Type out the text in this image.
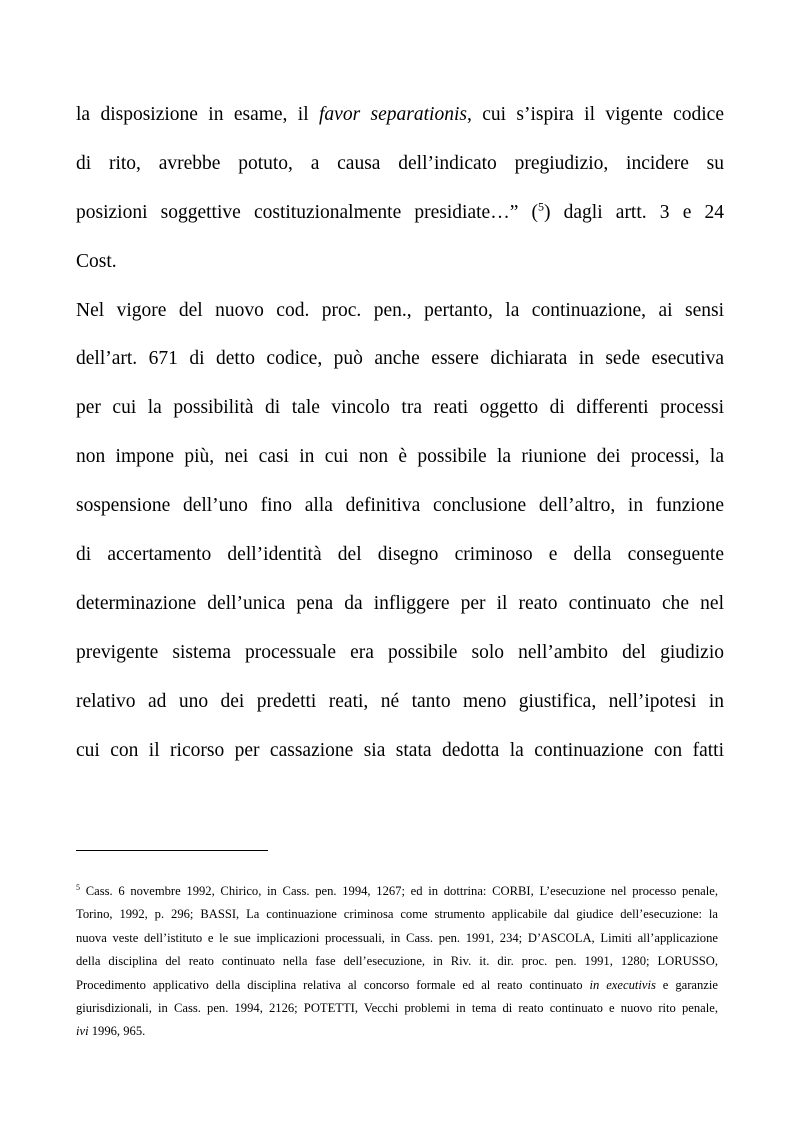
la disposizione in esame, il favor separationis, cui s’ispira il vigente codice
di rito, avrebbe potuto, a causa dell’indicato pregiudizio, incidere su
posizioni soggettive costituzionalmente presidiate…” ($^5$) dagli artt. 3 e 24
Cost.
Nel vigore del nuovo cod. proc. pen., pertanto, la continuazione, ai sensi
dell’art. 671 di detto codice, può anche essere dichiarata in sede esecutiva
per cui la possibilità di tale vincolo tra reati oggetto di differenti processi
non impone più, nei casi in cui non è possibile la riunione dei processi, la
sospensione dell’uno fino alla definitiva conclusione dell’altro, in funzione
di accertamento dell’identità del disegno criminoso e della conseguente
determinazione dell’unica pena da infliggere per il reato continuato che nel
previgente sistema processuale era possibile solo nell’ambito del giudizio
relativo ad uno dei predetti reati, né tanto meno giustifica, nell’ipotesi in
cui con il ricorso per cassazione sia stata dedotta la continuazione con fatti
$^5$ Cass. 6 novembre 1992, Chirico, in Cass. pen. 1994, 1267; ed in dottrina: CORBI, L’esecuzione nel processo penale,
Torino, 1992, p. 296; BASSI, La continuazione criminosa come strumento applicabile dal giudice dell’esecuzione: la
nuova veste dell’istituto e le sue implicazioni processuali, in Cass. pen. 1991, 234; D’ASCOLA, Limiti all’applicazione
della disciplina del reato continuato nella fase dell’esecuzione, in Riv. it. dir. proc. pen. 1991, 1280; LORUSSO,
Procedimento applicativo della disciplina relativa al concorso formale ed al reato continuato in executivis e garanzie
giurisdizionali, in Cass. pen. 1994, 2126; POTETTI, Vecchi problemi in tema di reato continuato e nuovo rito penale,
ivi 1996, 965.
